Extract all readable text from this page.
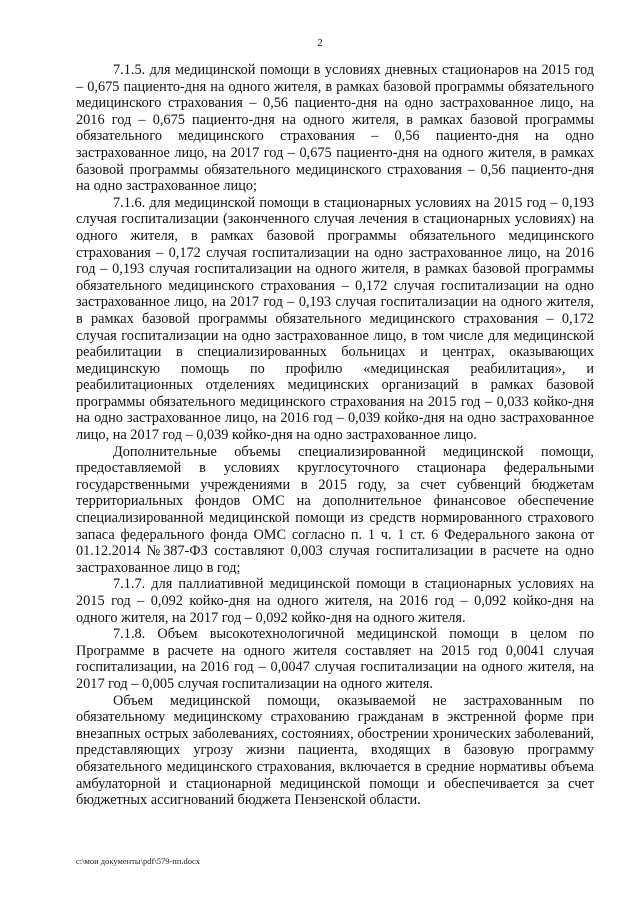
2

7.1.5. для медицинской помощи в условиях дневных стационаров на 2015 год – 0,675 пациенто-дня на одного жителя, в рамках базовой программы обязательного медицинского страхования – 0,56 пациенто-дня на одно застрахованное лицо, на 2016 год – 0,675 пациенто-дня на одного жителя, в рамках базовой программы обязательного медицинского страхования – 0,56 пациенто-дня на одно застрахованное лицо, на 2017 год – 0,675 пациенто-дня на одного жителя, в рамках базовой программы обязательного медицинского страхования – 0,56 пациенто-дня на одно застрахованное лицо;

7.1.6. для медицинской помощи в стационарных условиях на 2015 год – 0,193 случая госпитализации (законченного случая лечения в стационарных условиях) на одного жителя, в рамках базовой программы обязательного медицинского страхования – 0,172 случая госпитализации на одно застрахованное лицо, на 2016 год – 0,193 случая госпитализации на одного жителя, в рамках базовой программы обязательного медицинского страхования – 0,172 случая госпитализации на одно застрахованное лицо, на 2017 год – 0,193 случая госпитализации на одного жителя, в рамках базовой программы обязательного медицинского страхования – 0,172 случая госпитализации на одно застрахованное лицо, в том числе для медицинской реабилитации в специализированных больницах и центрах, оказывающих медицинскую помощь по профилю «медицинская реабилитация», и реабилитационных отделениях медицинских организаций в рамках базовой программы обязательного медицинского страхования на 2015 год – 0,033 койко-дня на одно застрахованное лицо, на 2016 год – 0,039 койко-дня на одно застрахованное лицо, на 2017 год – 0,039 койко-дня на одно застрахованное лицо.

Дополнительные объемы специализированной медицинской помощи, предоставляемой в условиях круглосуточного стационара федеральными государственными учреждениями в 2015 году, за счет субвенций бюджетам территориальных фондов ОМС на дополнительное финансовое обеспечение специализированной медицинской помощи из средств нормированного страхового запаса федерального фонда ОМС согласно п. 1 ч. 1 ст. 6 Федерального закона от 01.12.2014 №387-ФЗ составляют 0,003 случая госпитализации в расчете на одно застрахованное лицо в год;

7.1.7. для паллиативной медицинской помощи в стационарных условиях на 2015 год – 0,092 койко-дня на одного жителя, на 2016 год – 0,092 койко-дня на одного жителя, на 2017 год – 0,092 койко-дня на одного жителя.

7.1.8. Объем высокотехнологичной медицинской помощи в целом по Программе в расчете на одного жителя составляет на 2015 год 0,0041 случая госпитализации, на 2016 год – 0,0047 случая госпитализации на одного жителя, на 2017 год – 0,005 случая госпитализации на одного жителя.

Объем медицинской помощи, оказываемой не застрахованным по обязательному медицинскому страхованию гражданам в экстренной форме при внезапных острых заболеваниях, состояниях, обострении хронических заболеваний, представляющих угрозу жизни пациента, входящих в базовую программу обязательного медицинского страхования, включается в средние нормативы объема амбулаторной и стационарной медицинской помощи и обеспечивается за счет бюджетных ассигнований бюджета Пензенской области.

c:\мои документы\pdf\579-пп.docx
